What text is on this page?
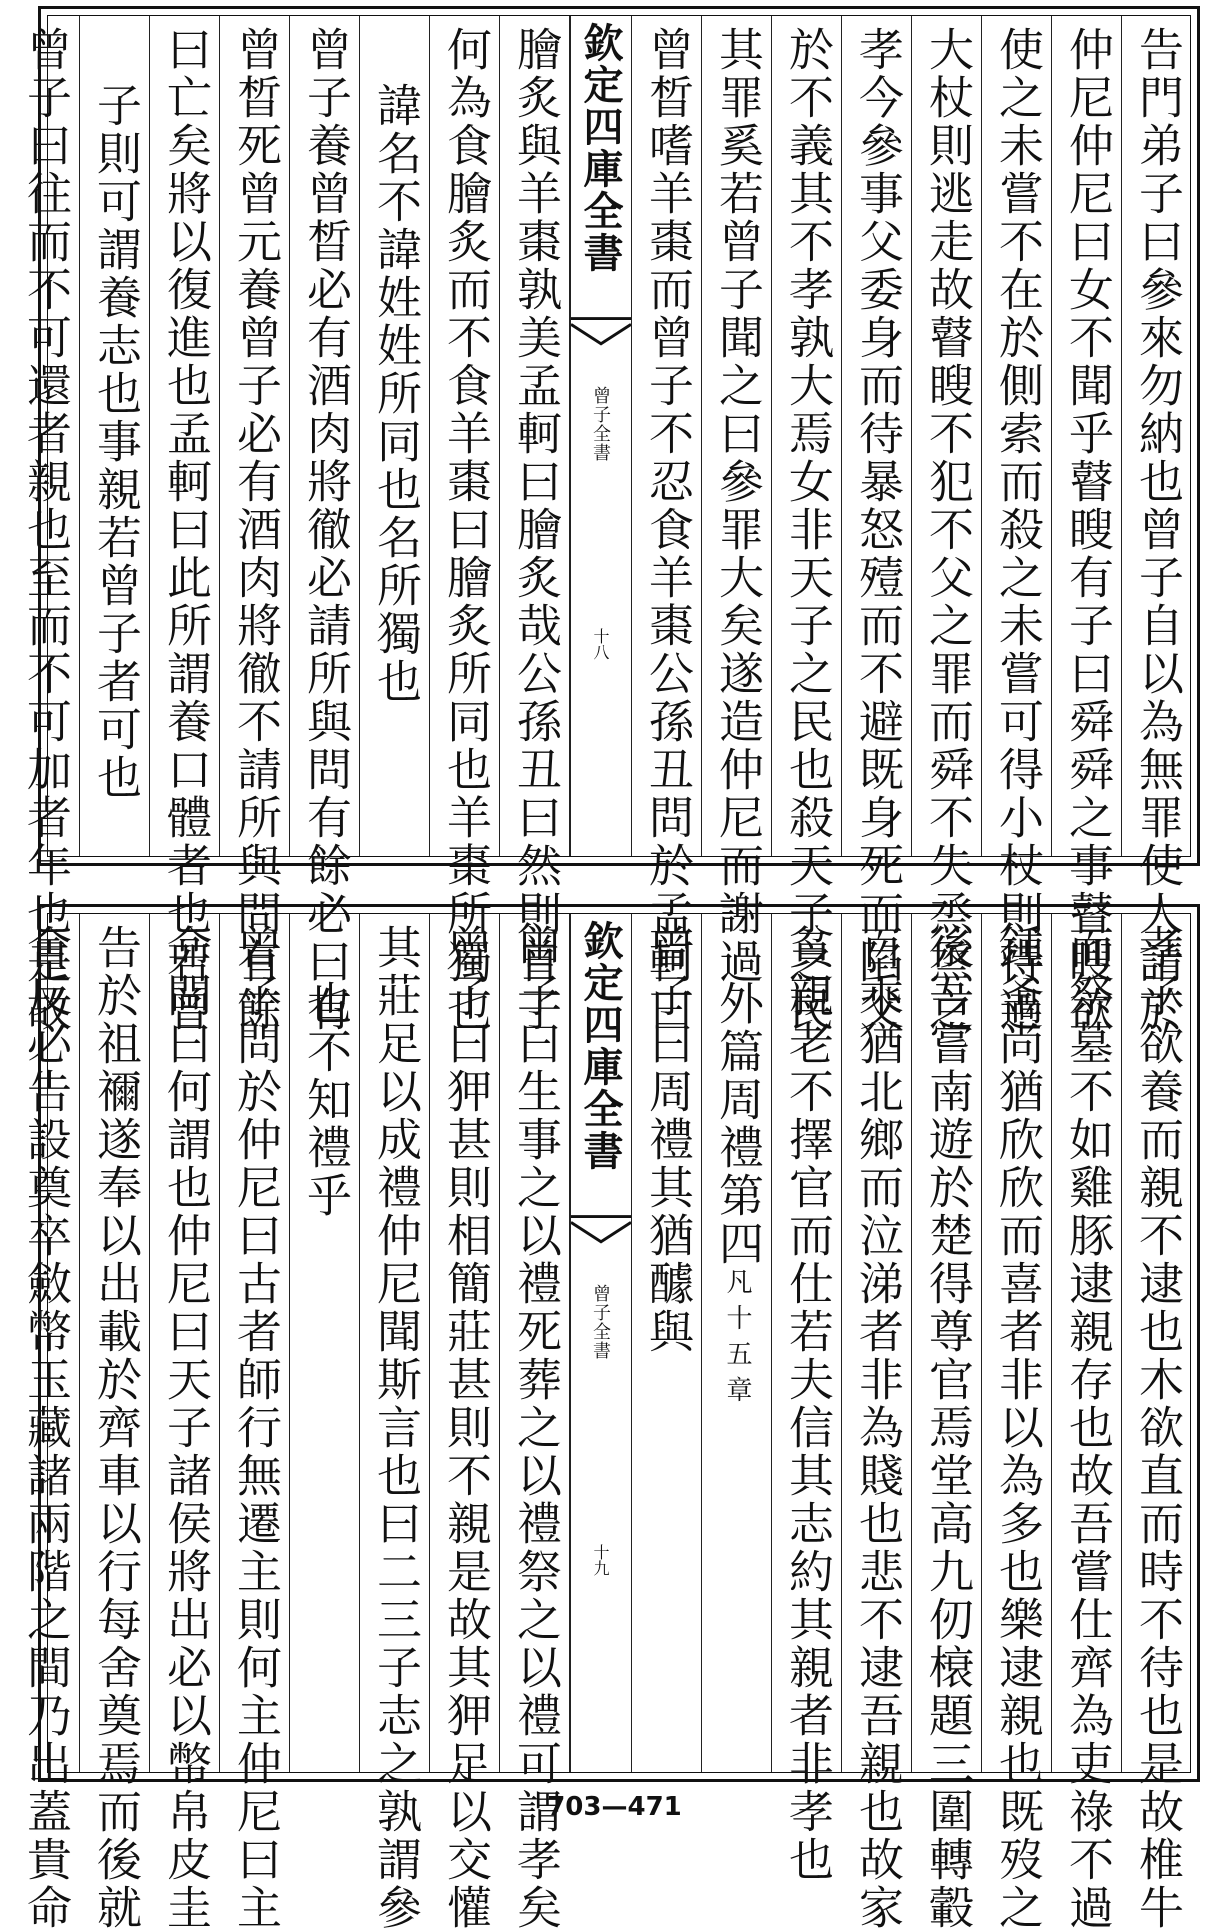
告門弟子曰參來勿納也曾子自以為無罪使人請於
仲尼仲尼曰女不聞乎瞽瞍有子曰舜舜之事瞽瞍欲
使之未嘗不在於側索而殺之未嘗可得小杖則待過
大杖則逃走故瞽瞍不犯不父之罪而舜不失烝烝之
孝今參事父委身而待暴怒殪而不避既身死而陷父
於不義其不孝孰大焉女非天子之民也殺天子之民
其罪奚若曾子聞之曰參罪大矣遂造仲尼而謝過
曾晳嗜羊棗而曾子不忍食羊棗公孫丑問於孟軻曰
欽定四庫全書
曾子全書
十八
膾炙與羊棗孰美孟軻曰膾炙哉公孫丑曰然則曾子
何為食膾炙而不食羊棗曰膾炙所同也羊棗所獨也
諱名不諱姓姓所同也名所獨也
曾子養曾晳必有酒肉將徹必請所與問有餘必曰有
曾晳死曾元養曾子必有酒肉將徹不請所與問有餘
曰亡矣將以復進也孟軻曰此所謂養口體者也若曾
子則可謂養志也事親若曾子者可也
曾子曰往而不可還者親也至而不可加者年也是故
孝子欲養而親不逮也木欲直而時不待也是故椎牛
而祭墓不如雞豚逮親存也故吾嘗仕齊為吏祿不過
鍾釜尚猶欣欣而喜者非以為多也樂逮親也既歿之
後吾嘗南遊於楚得尊官焉堂高九仞榱題三圍轉轂
百乘猶北鄉而泣涕者非為賤也悲不逮吾親也故家
貧親老不擇官而仕若夫信其志約其親者非孝也
外篇周禮第四凡十五章
曾子曰周禮其猶醵與
欽定四庫全書
曾子全書
十九
曾子曰生事之以禮死葬之以禮祭之以禮可謂孝矣
曾子曰狎甚則相簡莊甚則不親是故其狎足以交懽
其莊足以成禮仲尼聞斯言也曰二三子志之孰謂參
也不知禮乎
曾子問於仲尼曰古者師行無遷主則何主仲尼曰主
命問曰何謂也仲尼曰天子諸侯將出必以幣帛皮圭
告於祖禰遂奉以出載於齊車以行每舍奠焉而後就
舍反必告設奠卒斂幣玉藏諸兩階之間乃出蓋貴命	703—471
